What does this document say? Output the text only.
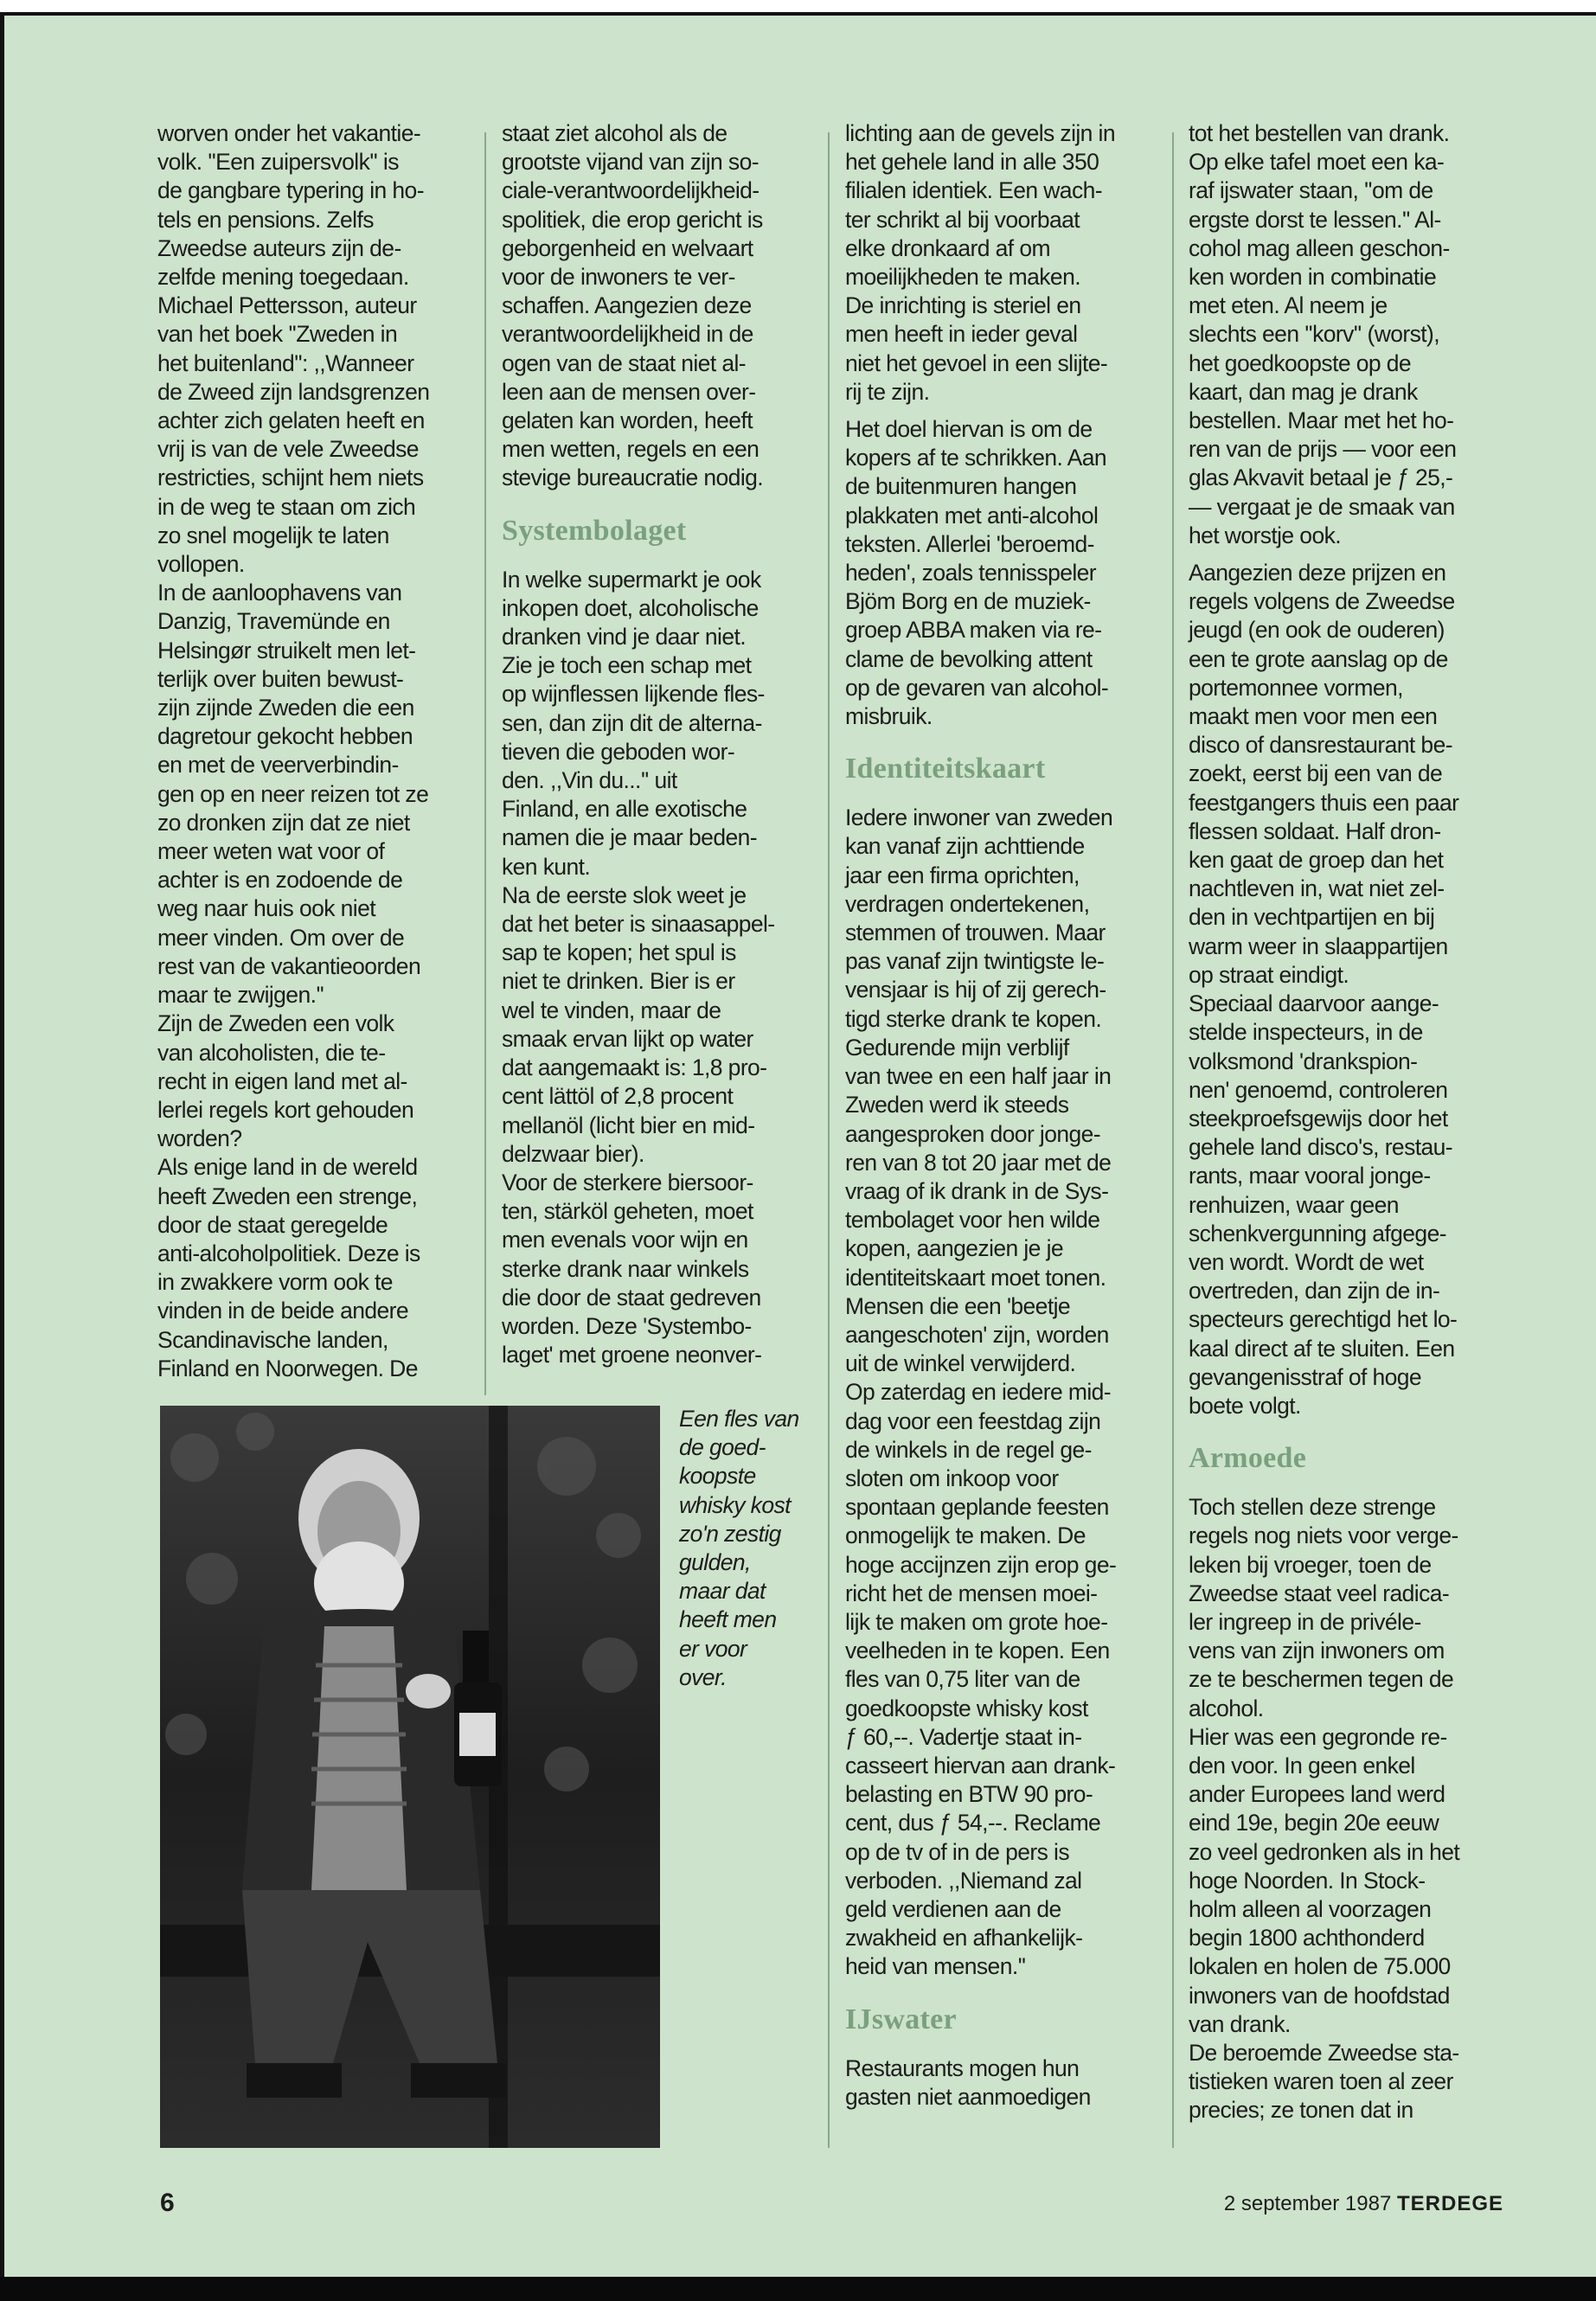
worven onder het vakantie-
volk. ''Een zuipersvolk'' is
de gangbare typering in ho-
tels en pensions. Zelfs
Zweedse auteurs zijn de-
zelfde mening toegedaan.
Michael Pettersson, auteur
van het boek ''Zweden in
het buitenland'': ,,Wanneer
de Zweed zijn landsgrenzen
achter zich gelaten heeft en
vrij is van de vele Zweedse
restricties, schijnt hem niets
in de weg te staan om zich
zo snel mogelijk te laten
vollopen.

In de aanloophavens van
Danzig, Travemünde en
Helsingør struikelt men let-
terlijk over buiten bewust-
zijn zijnde Zweden die een
dagretour gekocht hebben
en met de veerverbindin-
gen op en neer reizen tot ze
zo dronken zijn dat ze niet
meer weten wat voor of
achter is en zodoende de
weg naar huis ook niet
meer vinden. Om over de
rest van de vakantieoorden
maar te zwijgen.''

Zijn de Zweden een volk
van alcoholisten, die te-
recht in eigen land met al-
lerlei regels kort gehouden
worden?

Als enige land in de wereld
heeft Zweden een strenge,
door de staat geregelde
anti-alcoholpolitiek. Deze is
in zwakkere vorm ook te
vinden in de beide andere
Scandinavische landen,
Finland en Noorwegen. De

staat ziet alcohol als de
grootste vijand van zijn so-
ciale-verantwoordelijkheid-
spolitiek, die erop gericht is
geborgenheid en welvaart
voor de inwoners te ver-
schaffen. Aangezien deze
verantwoordelijkheid in de
ogen van de staat niet al-
leen aan de mensen over-
gelaten kan worden, heeft
men wetten, regels en een
stevige bureaucratie nodig.

Systembolaget

In welke supermarkt je ook
inkopen doet, alcoholische
dranken vind je daar niet.
Zie je toch een schap met
op wijnflessen lijkende fles-
sen, dan zijn dit de alterna-
tieven die geboden wor-
den. ,,Vin du...'' uit
Finland, en alle exotische
namen die je maar beden-
ken kunt.

Na de eerste slok weet je
dat het beter is sinaasappel-
sap te kopen; het spul is
niet te drinken. Bier is er
wel te vinden, maar de
smaak ervan lijkt op water
dat aangemaakt is: 1,8 pro-
cent lättöl of 2,8 procent
mellanöl (licht bier en mid-
delzwaar bier).

Voor de sterkere biersoor-
ten, stärköl geheten, moet
men evenals voor wijn en
sterke drank naar winkels
die door de staat gedreven
worden. Deze 'Systembo-
laget' met groene neonver-

lichting aan de gevels zijn in
het gehele land in alle 350
filialen identiek. Een wach-
ter schrikt al bij voorbaat
elke dronkaard af om
moeilijkheden te maken.
De inrichting is steriel en
men heeft in ieder geval
niet het gevoel in een slijte-
rij te zijn.

Het doel hiervan is om de
kopers af te schrikken. Aan
de buitenmuren hangen
plakkaten met anti-alcohol
teksten. Allerlei 'beroemd-
heden', zoals tennisspeler
Bjöm Borg en de muziek-
groep ABBA maken via re-
clame de bevolking attent
op de gevaren van alcohol-
misbruik.

Identiteitskaart

Iedere inwoner van zweden
kan vanaf zijn achttiende
jaar een firma oprichten,
verdragen ondertekenen,
stemmen of trouwen. Maar
pas vanaf zijn twintigste le-
vensjaar is hij of zij gerech-
tigd sterke drank te kopen.
Gedurende mijn verblijf
van twee en een half jaar in
Zweden werd ik steeds
aangesproken door jonge-
ren van 8 tot 20 jaar met de
vraag of ik drank in de Sys-
tembolaget voor hen wilde
kopen, aangezien je je
identiteitskaart moet tonen.
Mensen die een 'beetje
aangeschoten' zijn, worden
uit de winkel verwijderd.

Op zaterdag en iedere mid-
dag voor een feestdag zijn
de winkels in de regel ge-
sloten om inkoop voor
spontaan geplande feesten
onmogelijk te maken. De
hoge accijnzen zijn erop ge-
richt het de mensen moei-
lijk te maken om grote hoe-
veelheden in te kopen. Een
fles van 0,75 liter van de
goedkoopste whisky kost
ƒ 60,--. Vadertje staat in-
casseert hiervan aan drank-
belasting en BTW 90 pro-
cent, dus ƒ 54,--. Reclame
op de tv of in de pers is
verboden. ,,Niemand zal
geld verdienen aan de
zwakheid en afhankelijk-
heid van mensen.''

IJswater

Restaurants mogen hun
gasten niet aanmoedigen

tot het bestellen van drank.
Op elke tafel moet een ka-
raf ijswater staan, ''om de
ergste dorst te lessen.'' Al-
cohol mag alleen geschon-
ken worden in combinatie
met eten. Al neem je
slechts een ''korv'' (worst),
het goedkoopste op de
kaart, dan mag je drank
bestellen. Maar met het ho-
ren van de prijs — voor een
glas Akvavit betaal je ƒ 25,-
— vergaat je de smaak van
het worstje ook.

Aangezien deze prijzen en
regels volgens de Zweedse
jeugd (en ook de ouderen)
een te grote aanslag op de
portemonnee vormen,
maakt men voor men een
disco of dansrestaurant be-
zoekt, eerst bij een van de
feestgangers thuis een paar
flessen soldaat. Half dron-
ken gaat de groep dan het
nachtleven in, wat niet zel-
den in vechtpartijen en bij
warm weer in slaappartijen
op straat eindigt.

Speciaal daarvoor aange-
stelde inspecteurs, in de
volksmond 'drankspion-
nen' genoemd, controleren
steekproefsgewijs door het
gehele land disco's, restau-
rants, maar vooral jonge-
renhuizen, waar geen
schenkvergunning afgege-
ven wordt. Wordt de wet
overtreden, dan zijn de in-
specteurs gerechtigd het lo-
kaal direct af te sluiten. Een
gevangenisstraf of hoge
boete volgt.

Armoede

Toch stellen deze strenge
regels nog niets voor verge-
leken bij vroeger, toen de
Zweedse staat veel radica-
ler ingreep in de privéle-
vens van zijn inwoners om
ze te beschermen tegen de
alcohol.

Hier was een gegronde re-
den voor. In geen enkel
ander Europees land werd
eind 19e, begin 20e eeuw
zo veel gedronken als in het
hoge Noorden. In Stock-
holm alleen al voorzagen
begin 1800 achthonderd
lokalen en holen de 75.000
inwoners van de hoofdstad
van drank.

De beroemde Zweedse sta-
tistieken waren toen al zeer
precies; ze tonen dat in

Een fles van
de goed-
koopste
whisky kost
zo'n zestig
gulden,
maar dat
heeft men
er voor
over.
6	2 september 1987 TERDEGE
